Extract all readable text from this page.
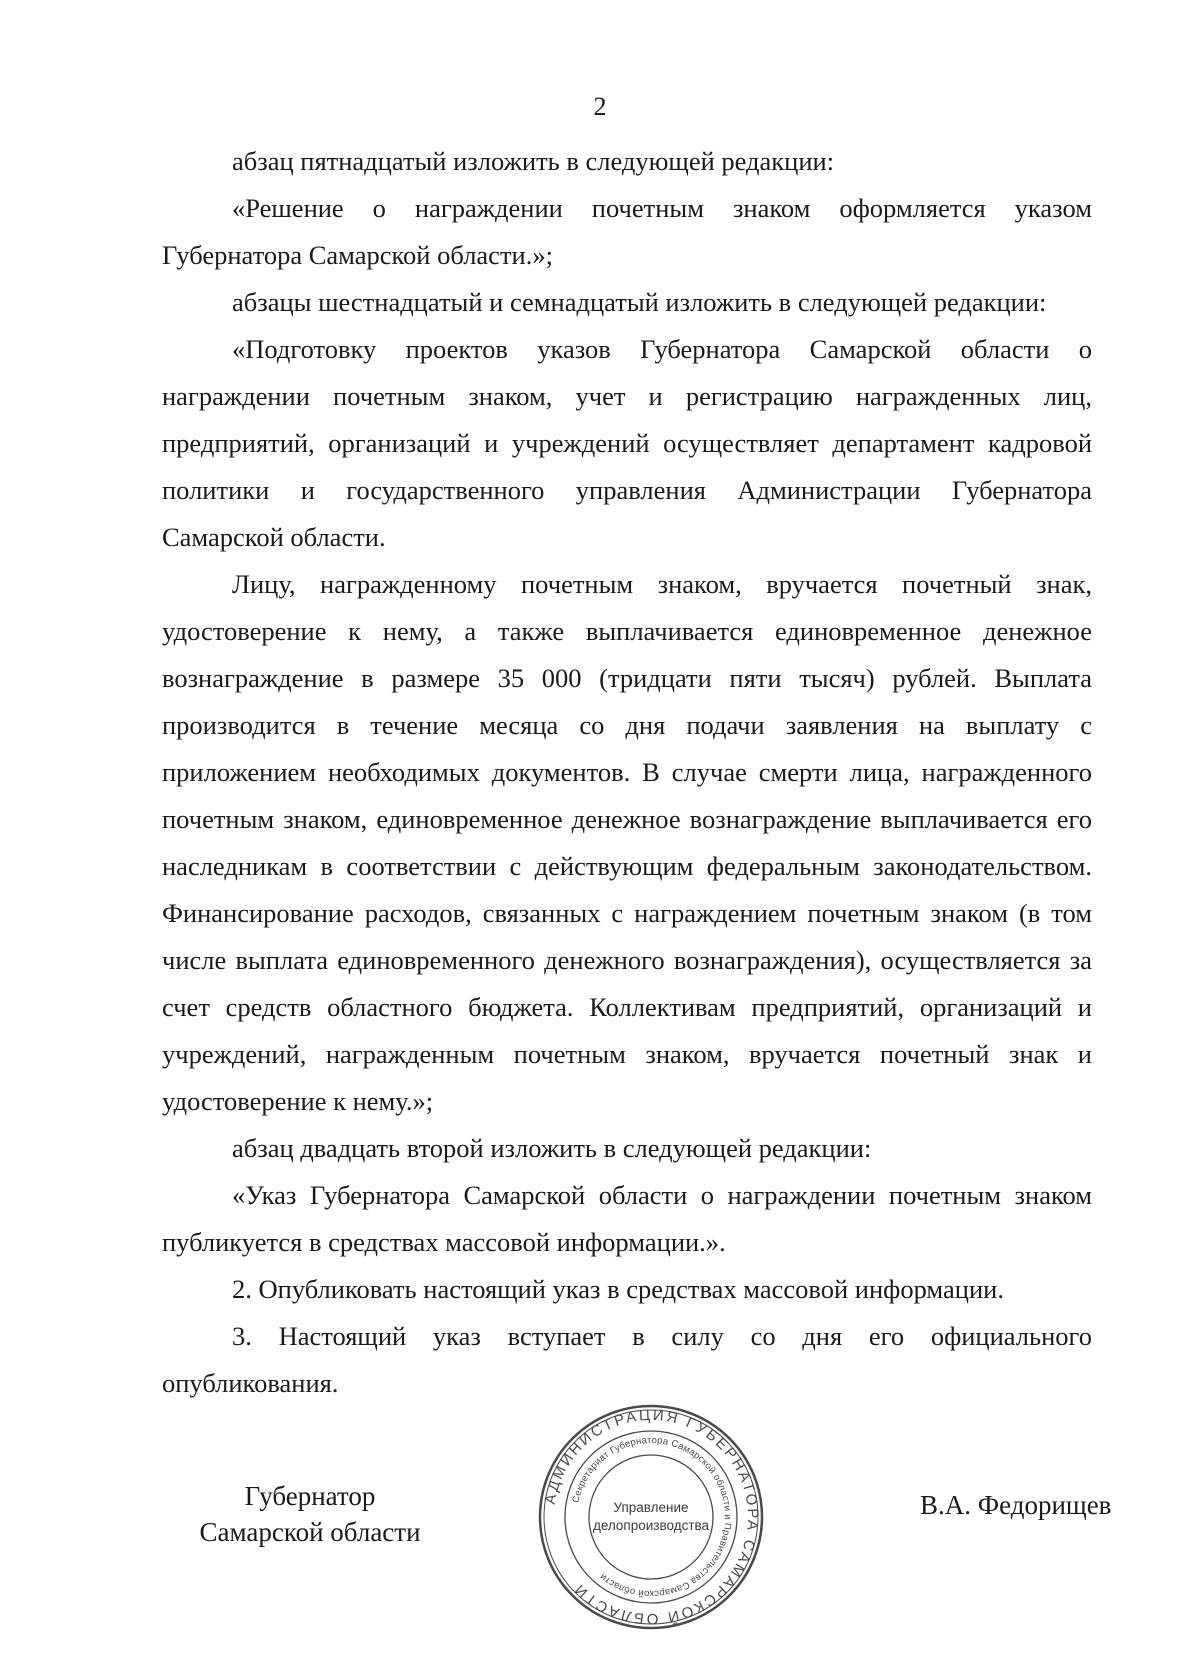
2

абзац пятнадцатый изложить в следующей редакции:

«Решение о награждении почетным знаком оформляется указом Губернатора Самарской области.»;

абзацы шестнадцатый и семнадцатый изложить в следующей редакции:

«Подготовку проектов указов Губернатора Самарской области о награждении почетным знаком, учет и регистрацию награжденных лиц, предприятий, организаций и учреждений осуществляет департамент кадровой политики и государственного управления Администрации Губернатора Самарской области.

Лицу, награжденному почетным знаком, вручается почетный знак, удостоверение к нему, а также выплачивается единовременное денежное вознаграждение в размере 35 000 (тридцати пяти тысяч) рублей. Выплата производится в течение месяца со дня подачи заявления на выплату с приложением необходимых документов. В случае смерти лица, награжденного почетным знаком, единовременное денежное вознаграждение выплачивается его наследникам в соответствии с действующим федеральным законодательством. Финансирование расходов, связанных с награждением почетным знаком (в том числе выплата единовременного денежного вознаграждения), осуществляется за счет средств областного бюджета. Коллективам предприятий, организаций и учреждений, награжденным почетным знаком, вручается почетный знак и удостоверение к нему.»;

абзац двадцать второй изложить в следующей редакции:

«Указ Губернатора Самарской области о награждении почетным знаком публикуется в средствах массовой информации.».

2. Опубликовать настоящий указ в средствах массовой информации.

3. Настоящий указ вступает в силу со дня его официального опубликования.

Губернатор
Самарской области
АДМИНИСТРАЦИЯ ГУБЕРНАТОРА САМАРСКОЙ ОБЛАСТИ
Секретариат Губернатора Самарской области и Правительства Самарской области
Управление
делопроизводства
В.А. Федорищев
